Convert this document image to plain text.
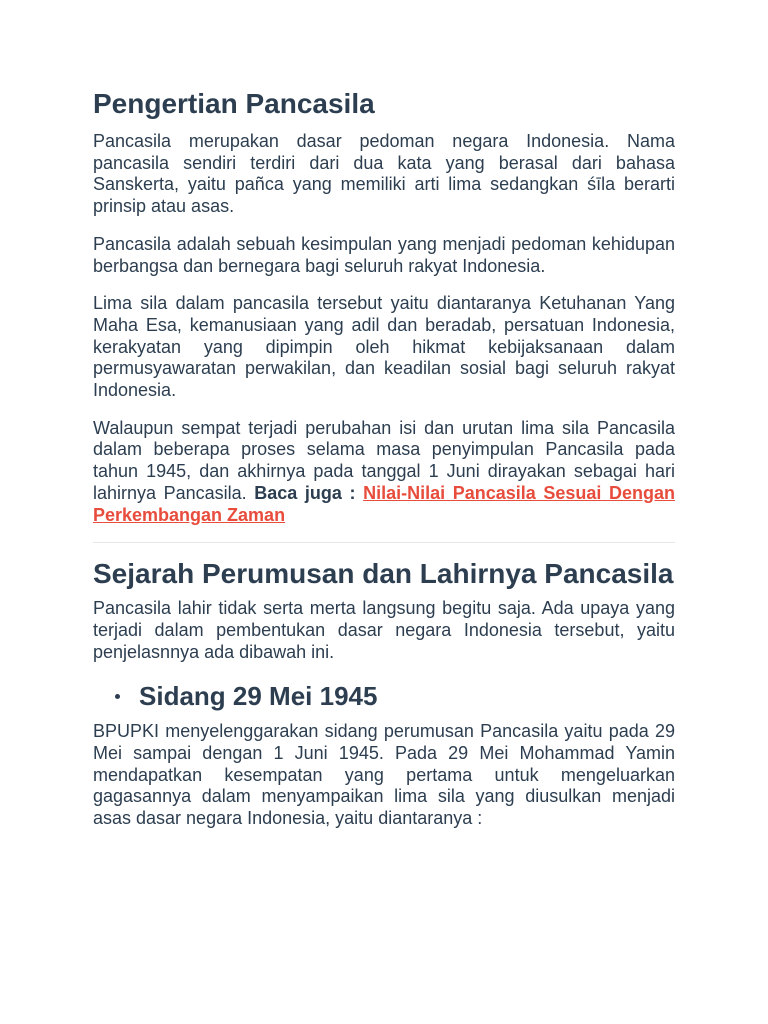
Pengertian Pancasila

Pancasila merupakan dasar pedoman negara Indonesia. Nama pancasila sendiri terdiri dari dua kata yang berasal dari bahasa Sanskerta, yaitu pañca yang memiliki arti lima sedangkan śīla berarti prinsip atau asas.

Pancasila adalah sebuah kesimpulan yang menjadi pedoman kehidupan berbangsa dan bernegara bagi seluruh rakyat Indonesia.

Lima sila dalam pancasila tersebut yaitu diantaranya Ketuhanan Yang Maha Esa, kemanusiaan yang adil dan beradab, persatuan Indonesia, kerakyatan yang dipimpin oleh hikmat kebijaksanaan dalam permusyawaratan perwakilan, dan keadilan sosial bagi seluruh rakyat Indonesia.

Walaupun sempat terjadi perubahan isi dan urutan lima sila Pancasila dalam beberapa proses selama masa penyimpulan Pancasila pada tahun 1945, dan akhirnya pada tanggal 1 Juni dirayakan sebagai hari lahirnya Pancasila. Baca juga : Nilai-Nilai Pancasila Sesuai Dengan Perkembangan Zaman

Sejarah Perumusan dan Lahirnya Pancasila

Pancasila lahir tidak serta merta langsung begitu saja. Ada upaya yang terjadi dalam pembentukan dasar negara Indonesia tersebut, yaitu penjelasnnya ada dibawah ini.

Sidang 29 Mei 1945

BPUPKI menyelenggarakan sidang perumusan Pancasila yaitu pada 29 Mei sampai dengan 1 Juni 1945. Pada 29 Mei Mohammad Yamin mendapatkan kesempatan yang pertama untuk mengeluarkan gagasannya dalam menyampaikan lima sila yang diusulkan menjadi asas dasar negara Indonesia, yaitu diantaranya :
